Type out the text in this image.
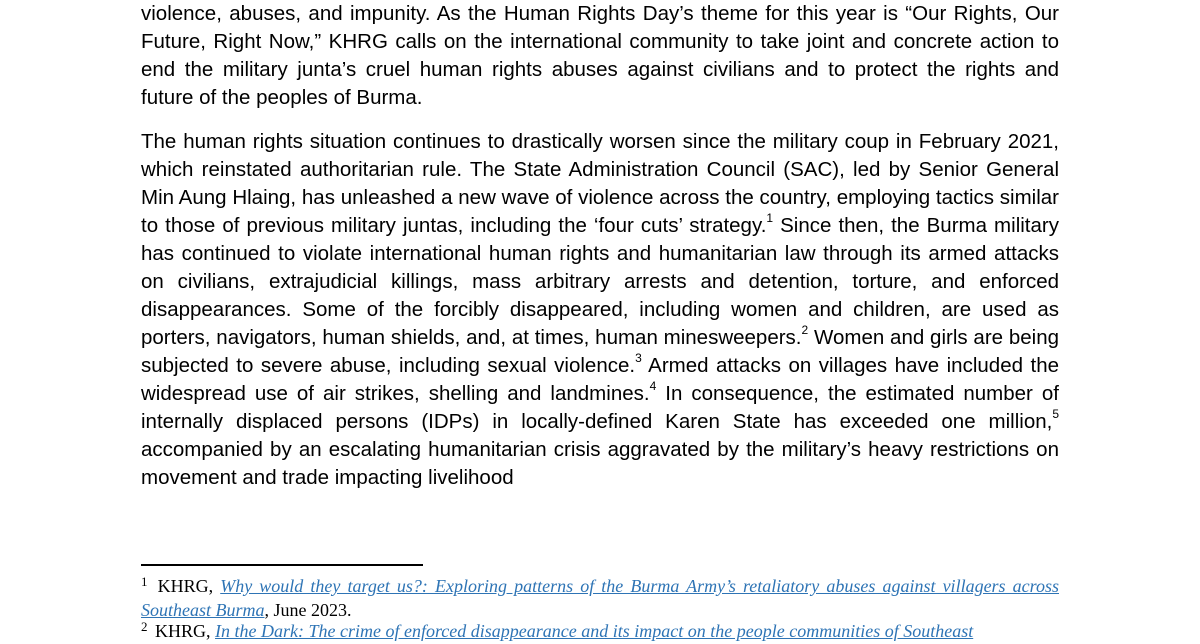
violence, abuses, and impunity. As the Human Rights Day’s theme for this year is “Our Rights, Our Future, Right Now,” KHRG calls on the international community to take joint and concrete action to end the military junta’s cruel human rights abuses against civilians and to protect the rights and future of the peoples of Burma.

The human rights situation continues to drastically worsen since the military coup in February 2021, which reinstated authoritarian rule. The State Administration Council (SAC), led by Senior General Min Aung Hlaing, has unleashed a new wave of violence across the country, employing tactics similar to those of previous military juntas, including the ‘four cuts’ strategy.$^1$ Since then, the Burma military has continued to violate international human rights and humanitarian law through its armed attacks on civilians, extrajudicial killings, mass arbitrary arrests and detention, torture, and enforced disappearances. Some of the forcibly disappeared, including women and children, are used as porters, navigators, human shields, and, at times, human minesweepers.$^2$ Women and girls are being subjected to severe abuse, including sexual violence.$^3$ Armed attacks on villages have included the widespread use of air strikes, shelling and landmines.$^4$ In consequence, the estimated number of internally displaced persons (IDPs) in locally-defined Karen State has exceeded one million,$^5$ accompanied by an escalating humanitarian crisis aggravated by the military’s heavy restrictions on movement and trade impacting livelihood

$^1$ KHRG, Why would they target us?: Exploring patterns of the Burma Army’s retaliatory abuses against villagers across Southeast Burma, June 2023.

$^2$ KHRG, In the Dark: The crime of enforced disappearance and its impact on the people communities of Southeast
